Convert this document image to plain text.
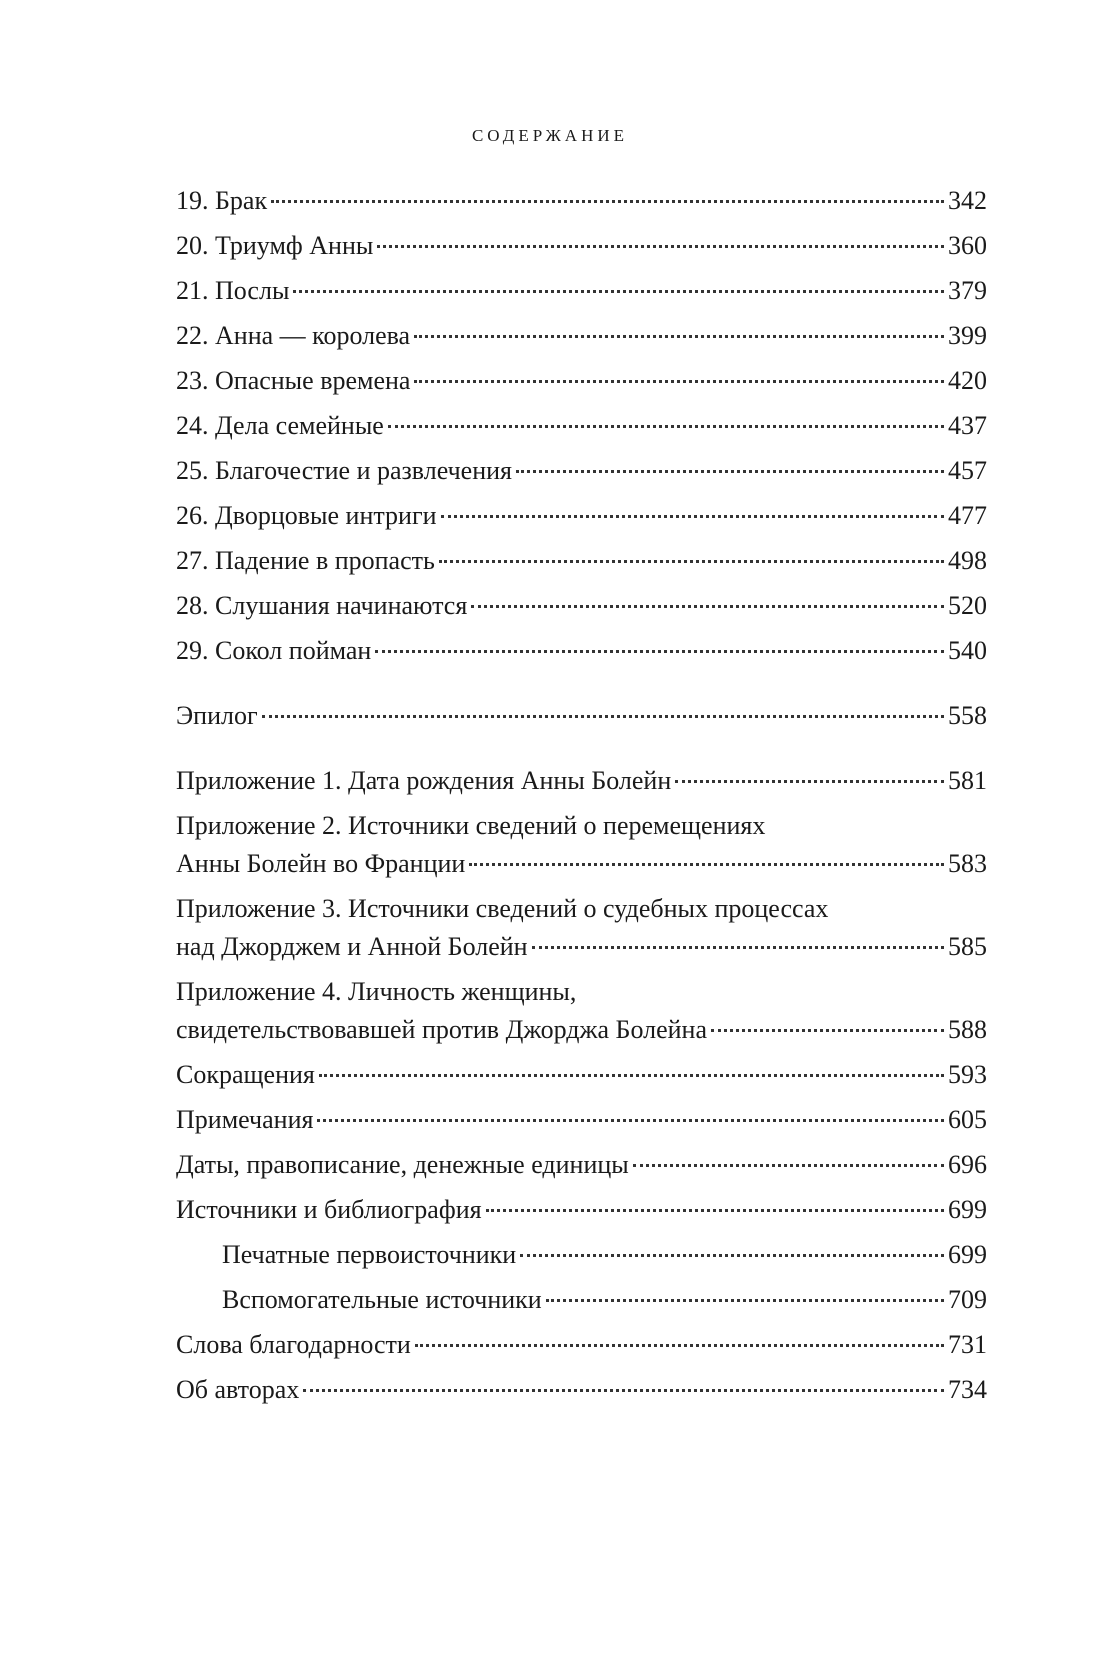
СОДЕРЖАНИЕ
19. Брак	342
20. Триумф Анны	360
21. Послы	379
22. Анна — королева	399
23. Опасные времена	420
24. Дела семейные	437
25. Благочестие и развлечения	457
26. Дворцовые интриги	477
27. Падение в пропасть	498
28. Слушания начинаются	520
29. Сокол пойман	540
Эпилог	558
Приложение 1. Дата рождения Анны Болейн	581
Приложение 2. Источники сведений о перемещениях
Анны Болейн во Франции	583
Приложение 3. Источники сведений о судебных процессах
над Джорджем и Анной Болейн	585
Приложение 4. Личность женщины,
свидетельствовавшей против Джорджа Болейна	588
Сокращения	593
Примечания	605
Даты, правописание, денежные единицы	696
Источники и библиография	699
Печатные первоисточники	699
Вспомогательные источники	709
Слова благодарности	731
Об авторах	734
